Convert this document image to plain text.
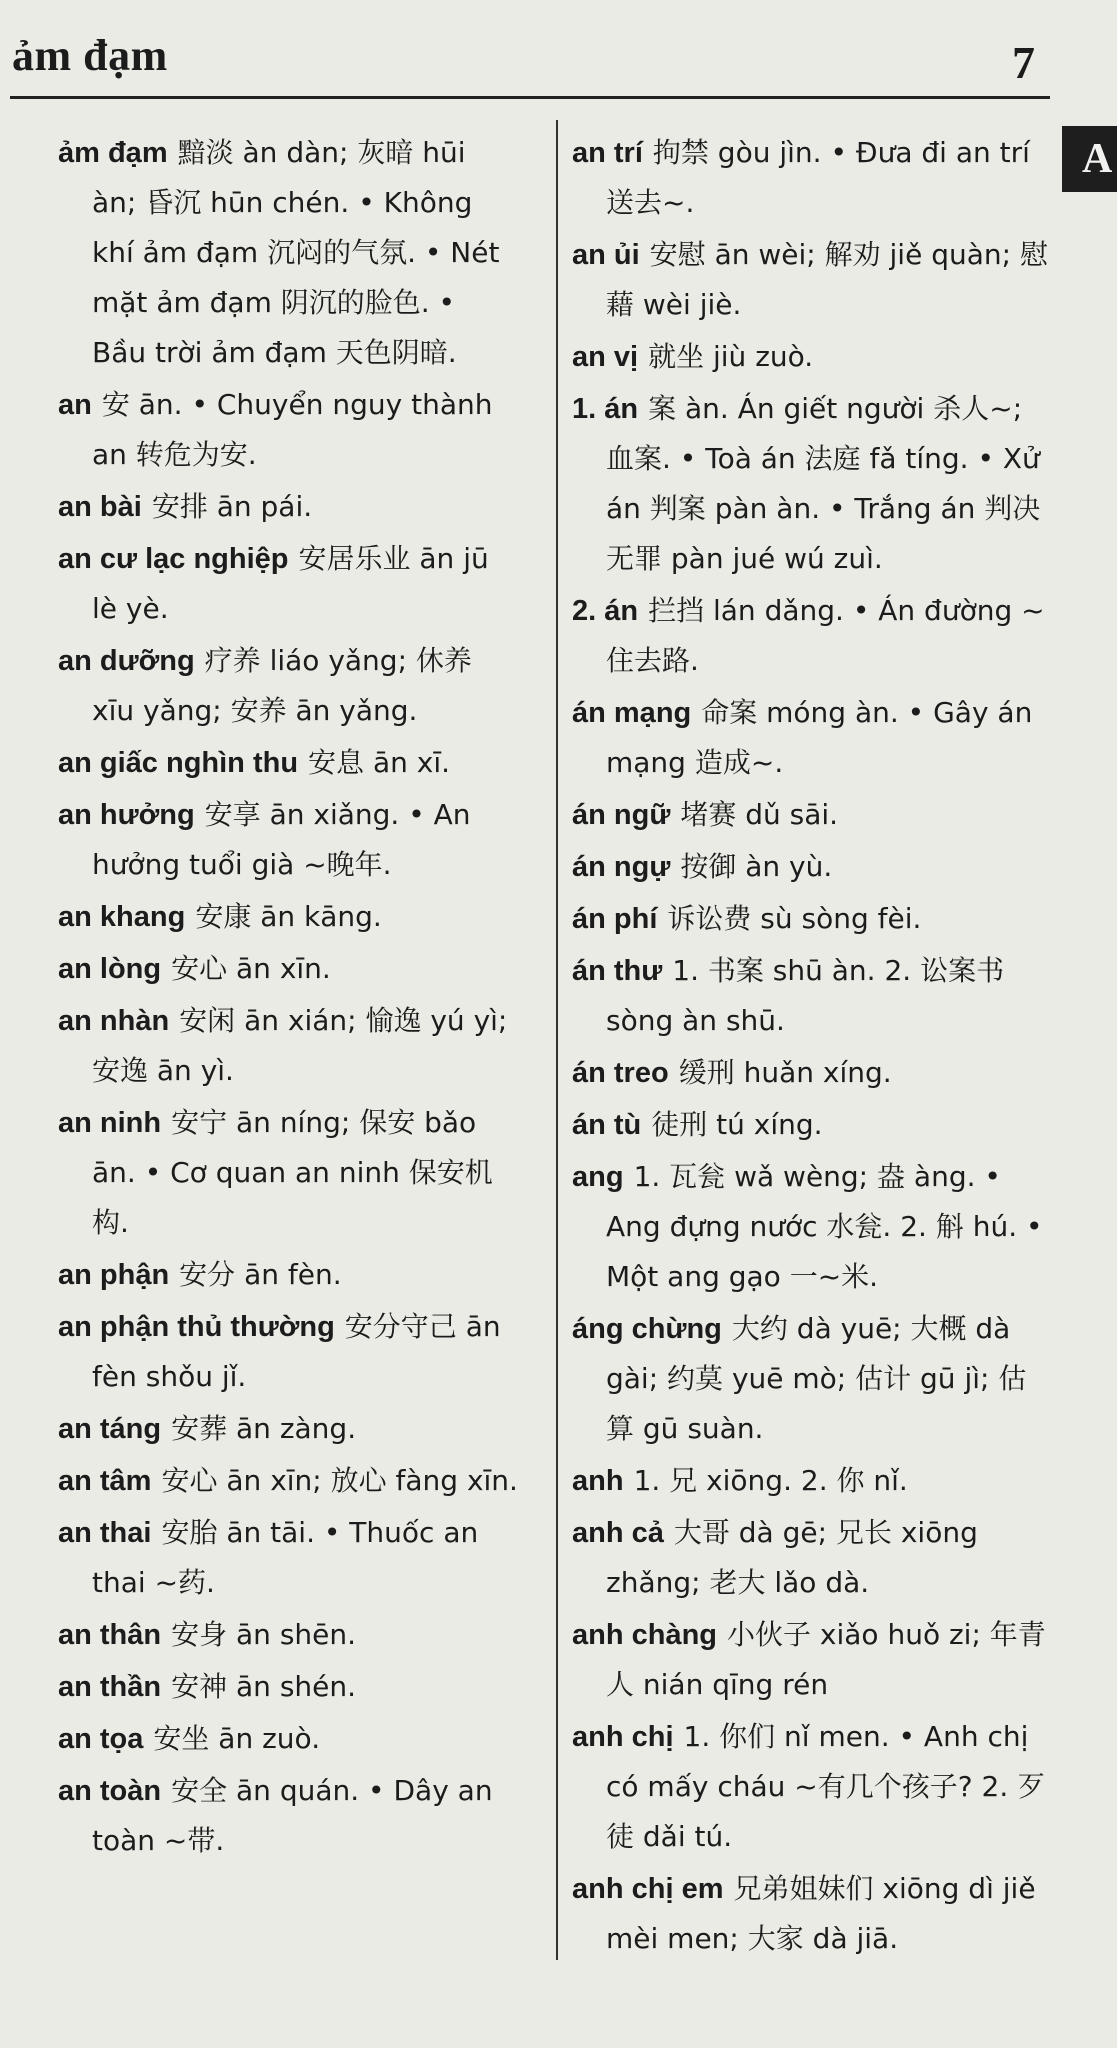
ảm đạm	7
A
ảm đạm 黯淡 àn dàn; 灰暗 hūi àn; 昏沉 hūn chén. • Không khí ảm đạm 沉闷的气氛. • Nét mặt ảm đạm 阴沉的脸色. • Bầu trời ảm đạm 天色阴暗.
an 安 ān. • Chuyển nguy thành an 转危为安.
an bài 安排 ān pái.
an cư lạc nghiệp 安居乐业 ān jū lè yè.
an dưỡng 疗养 liáo yǎng; 休养 xīu yǎng; 安养 ān yǎng.
an giấc nghìn thu 安息 ān xī.
an hưởng 安享 ān xiǎng. • An hưởng tuổi già ~晚年.
an khang 安康 ān kāng.
an lòng 安心 ān xīn.
an nhàn 安闲 ān xián; 愉逸 yú yì; 安逸 ān yì.
an ninh 安宁 ān níng; 保安 bǎo ān. • Cơ quan an ninh 保安机构.
an phận 安分 ān fèn.
an phận thủ thường 安分守己 ān fèn shǒu jǐ.
an táng 安葬 ān zàng.
an tâm 安心 ān xīn; 放心 fàng xīn.
an thai 安胎 ān tāi. • Thuốc an thai ~药.
an thân 安身 ān shēn.
an thần 安神 ān shén.
an tọa 安坐 ān zuò.
an toàn 安全 ān quán. • Dây an toàn ~带.
an trí 拘禁 gòu jìn. • Đưa đi an trí 送去~.
an ủi 安慰 ān wèi; 解劝 jiě quàn; 慰藉 wèi jiè.
an vị 就坐 jiù zuò.
1. án 案 àn. Án giết người 杀人~; 血案. • Toà án 法庭 fǎ tíng. • Xử án 判案 pàn àn. • Trắng án 判决无罪 pàn jué wú zuì.
2. án 拦挡 lán dǎng. • Án đường ~住去路.
án mạng 命案 móng àn. • Gây án mạng 造成~.
án ngữ 堵赛 dǔ sāi.
án ngự 按御 àn yù.
án phí 诉讼费 sù sòng fèi.
án thư 1. 书案 shū àn. 2. 讼案书 sòng àn shū.
án treo 缓刑 huǎn xíng.
án tù 徒刑 tú xíng.
ang 1. 瓦瓮 wǎ wèng; 盎 àng. • Ang đựng nước 水瓮. 2. 斛 hú. • Một ang gạo 一~米.
áng chừng 大约 dà yuē; 大概 dà gài; 约莫 yuē mò; 估计 gū jì; 估算 gū suàn.
anh 1. 兄 xiōng. 2. 你 nǐ.
anh cả 大哥 dà gē; 兄长 xiōng zhǎng; 老大 lǎo dà.
anh chàng 小伙子 xiǎo huǒ zi; 年青人 nián qīng rén
anh chị 1. 你们 nǐ men. • Anh chị có mấy cháu ~有几个孩子? 2. 歹徒 dǎi tú.
anh chị em 兄弟姐妹们 xiōng dì jiě mèi men; 大家 dà jiā.
